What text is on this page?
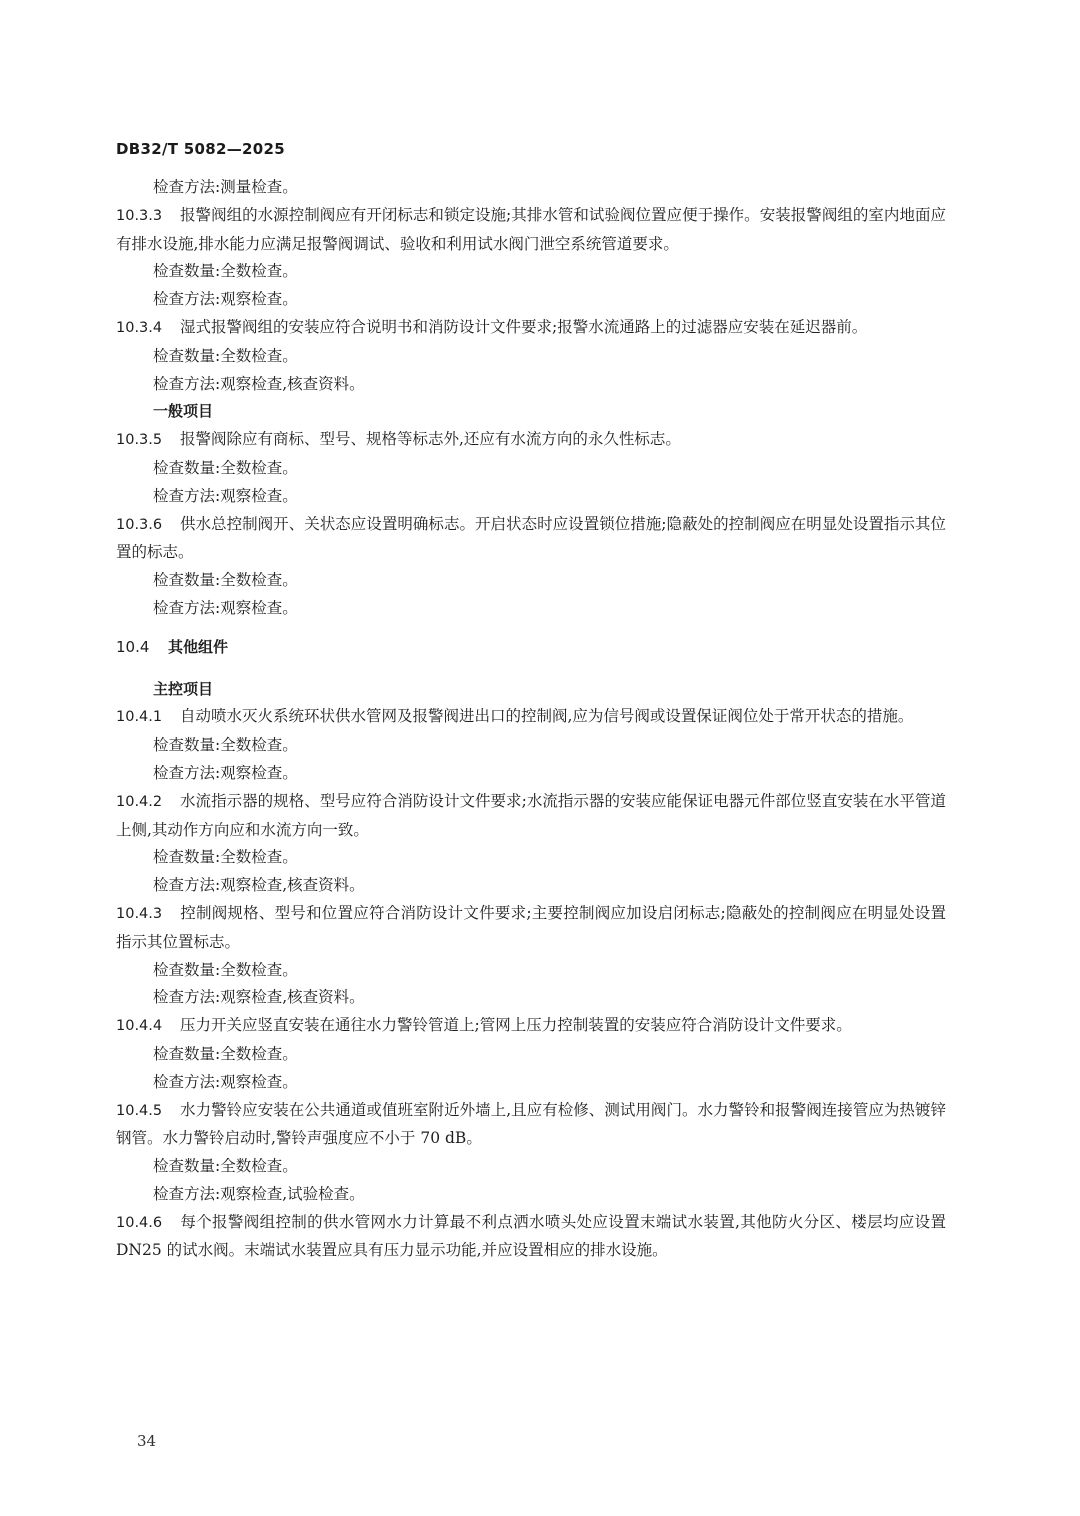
DB32/T 5082—2025
检查方法:测量检查。
10.3.3 报警阀组的水源控制阀应有开闭标志和锁定设施;其排水管和试验阀位置应便于操作。安装报警阀组的室内地面应有排水设施,排水能力应满足报警阀调试、验收和利用试水阀门泄空系统管道要求。
检查数量:全数检查。
检查方法:观察检查。
10.3.4 湿式报警阀组的安装应符合说明书和消防设计文件要求;报警水流通路上的过滤器应安装在延迟器前。
检查数量:全数检查。
检查方法:观察检查,核查资料。
一般项目
10.3.5 报警阀除应有商标、型号、规格等标志外,还应有水流方向的永久性标志。
检查数量:全数检查。
检查方法:观察检查。
10.3.6 供水总控制阀开、关状态应设置明确标志。开启状态时应设置锁位措施;隐蔽处的控制阀应在明显处设置指示其位置的标志。
检查数量:全数检查。
检查方法:观察检查。
10.4 其他组件
主控项目
10.4.1 自动喷水灭火系统环状供水管网及报警阀进出口的控制阀,应为信号阀或设置保证阀位处于常开状态的措施。
检查数量:全数检查。
检查方法:观察检查。
10.4.2 水流指示器的规格、型号应符合消防设计文件要求;水流指示器的安装应能保证电器元件部位竖直安装在水平管道上侧,其动作方向应和水流方向一致。
检查数量:全数检查。
检查方法:观察检查,核查资料。
10.4.3 控制阀规格、型号和位置应符合消防设计文件要求;主要控制阀应加设启闭标志;隐蔽处的控制阀应在明显处设置指示其位置标志。
检查数量:全数检查。
检查方法:观察检查,核查资料。
10.4.4 压力开关应竖直安装在通往水力警铃管道上;管网上压力控制装置的安装应符合消防设计文件要求。
检查数量:全数检查。
检查方法:观察检查。
10.4.5 水力警铃应安装在公共通道或值班室附近外墙上,且应有检修、测试用阀门。水力警铃和报警阀连接管应为热镀锌钢管。水力警铃启动时,警铃声强度应不小于 70 dB。
检查数量:全数检查。
检查方法:观察检查,试验检查。
10.4.6 每个报警阀组控制的供水管网水力计算最不利点洒水喷头处应设置末端试水装置,其他防火分区、楼层均应设置 DN25 的试水阀。末端试水装置应具有压力显示功能,并应设置相应的排水设施。
34
